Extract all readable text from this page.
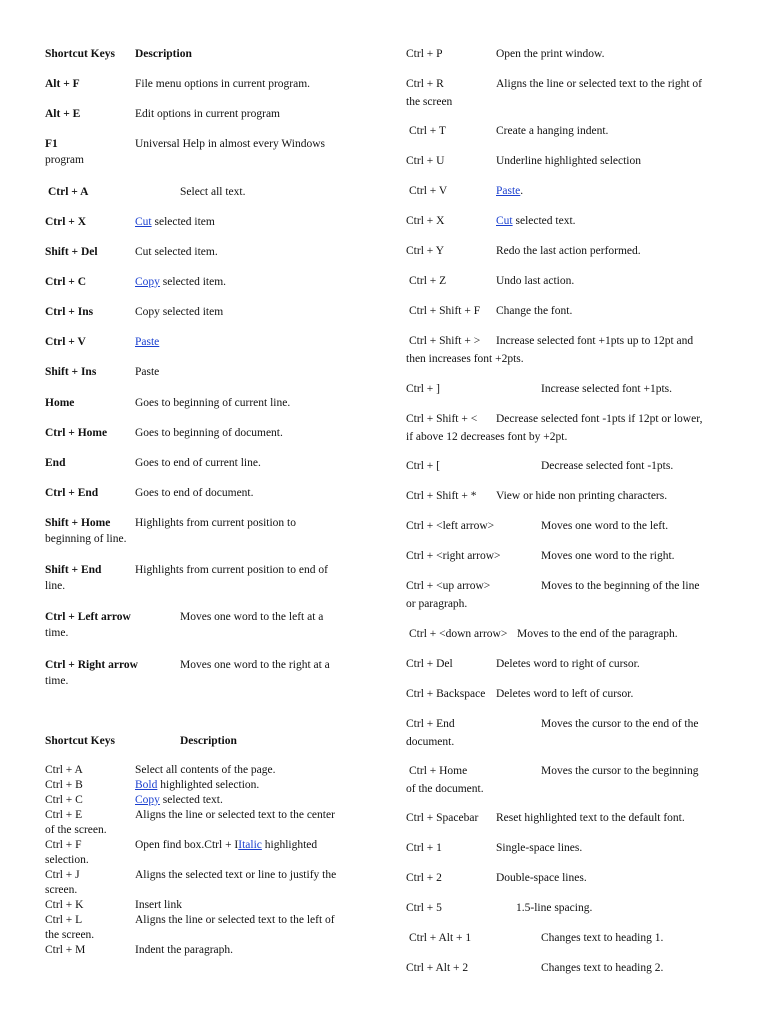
Shortcut Keys Description
Alt + F	File menu options in current program.
Alt + E	Edit options in current program
F1	Universal Help in almost every Windows
program
Ctrl + A	Select all text.
Ctrl + X	Cut selected item
Shift + Del	Cut selected item.
Ctrl + C	Copy selected item.
Ctrl + Ins	Copy selected item
Ctrl + V	Paste
Shift + Ins	Paste
Home	Goes to beginning of current line.
Ctrl + Home Goes to beginning of document.
End	Goes to end of current line.
Ctrl + End	Goes to end of document.
Shift + Home Highlights from current position to
beginning of line.
Shift + End	Highlights from current position to end of
line.
Ctrl + Left arrow	Moves one word to the left at a
time.
Ctrl + Right arrow	Moves one word to the right at a
time.
Shortcut Keys	Description
Ctrl + A	Select all contents of the page.
Ctrl + B	Bold highlighted selection.
Ctrl + C	Copy selected text.
Ctrl + E	Aligns the line or selected text to the center
of the screen.
Ctrl + F	Open find box.Ctrl + IItalic highlighted
selection.
Ctrl + J	Aligns the selected text or line to justify the
screen.
Ctrl + K	Insert link
Ctrl + L	Aligns the line or selected text to the left of
the screen.
Ctrl + M	Indent the paragraph.
Ctrl + P	Open the print window.
Ctrl + R	Aligns the line or selected text to the right of
the screen
Ctrl + T	Create a hanging indent.
Ctrl + U	Underline highlighted selection
Ctrl + V	Paste.
Ctrl + X	Cut selected text.
Ctrl + Y	Redo the last action performed.
Ctrl + Z	Undo last action.
Ctrl + Shift + F Change the font.
Ctrl + Shift + > Increase selected font +1pts up to 12pt and
then increases font +2pts.
Ctrl + ]	Increase selected font +1pts.
Ctrl + Shift + < Decrease selected font -1pts if 12pt or lower,
if above 12 decreases font by +2pt.
Ctrl + [	Decrease selected font -1pts.
Ctrl + Shift + * View or hide non printing characters.
Ctrl + <left arrow>	Moves one word to the left.
Ctrl + <right arrow>	Moves one word to the right.
Ctrl + <up arrow>	Moves to the beginning of the line
or paragraph.
Ctrl + <down arrow> Moves to the end of the paragraph.
Ctrl + Del	Deletes word to right of cursor.
Ctrl + Backspace Deletes word to left of cursor.
Ctrl + End	Moves the cursor to the end of the
document.
Ctrl + Home	Moves the cursor to the beginning
of the document.
Ctrl + Spacebar Reset highlighted text to the default font.
Ctrl + 1	Single-space lines.
Ctrl + 2	Double-space lines.
Ctrl + 5	1.5-line spacing.
Ctrl + Alt + 1	Changes text to heading 1.
Ctrl + Alt + 2	Changes text to heading 2.
